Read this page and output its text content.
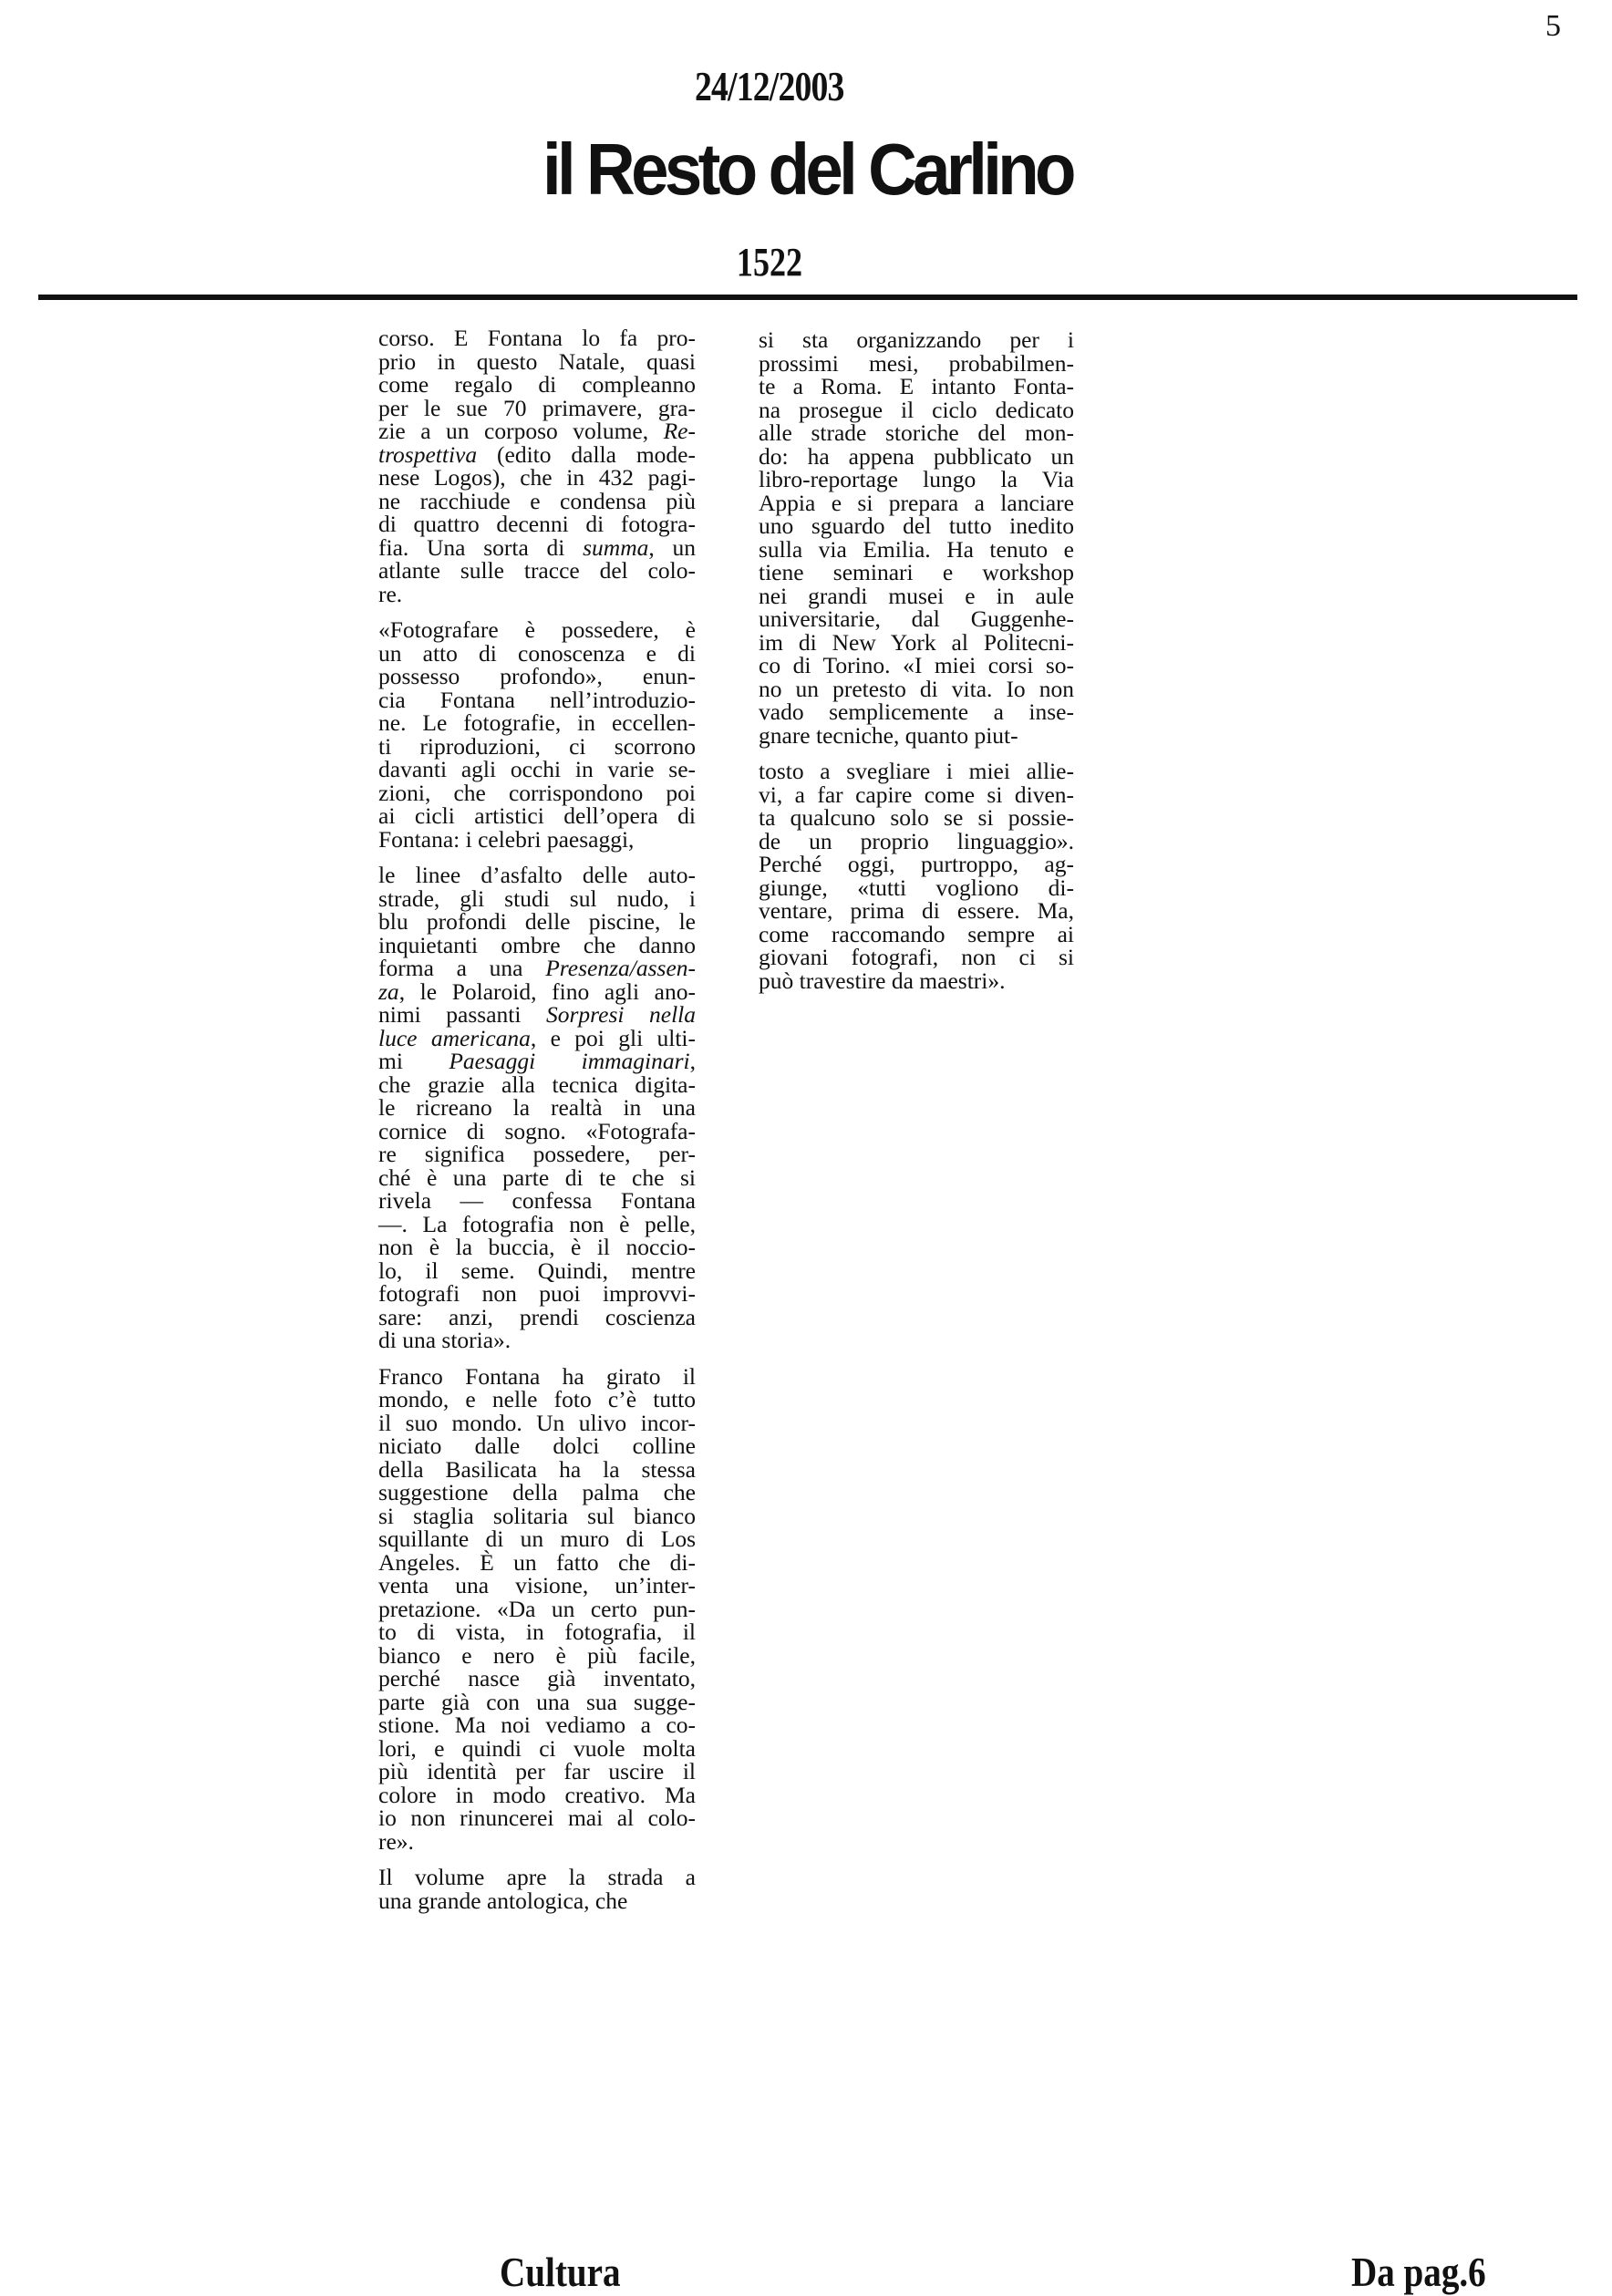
5
24/12/2003
il Resto del Carlino
1522

corso. E Fontana lo fa pro-
prio in questo Natale, quasi
come regalo di compleanno
per le sue 70 primavere, gra-
zie a un corposo volume, Re-
trospettiva (edito dalla mode-
nese Logos), che in 432 pagi-
ne racchiude e condensa più
di quattro decenni di fotogra-
fia. Una sorta di summa, un
atlante sulle tracce del colo-
re.

«Fotografare è possedere, è
un atto di conoscenza e di
possesso profondo», enun-
cia Fontana nell’introduzio-
ne. Le fotografie, in eccellen-
ti riproduzioni, ci scorrono
davanti agli occhi in varie se-
zioni, che corrispondono poi
ai cicli artistici dell’opera di
Fontana: i celebri paesaggi,

le linee d’asfalto delle auto-
strade, gli studi sul nudo, i
blu profondi delle piscine, le
inquietanti ombre che danno
forma a una Presenza/assen-
za, le Polaroid, fino agli ano-
nimi passanti Sorpresi nella
luce americana, e poi gli ulti-
mi Paesaggi immaginari,
che grazie alla tecnica digita-
le ricreano la realtà in una
cornice di sogno. «Fotografa-
re significa possedere, per-
ché è una parte di te che si
rivela — confessa Fontana
—. La fotografia non è pelle,
non è la buccia, è il nocciо-
lo, il seme. Quindi, mentre
fotografi non puoi improvvi-
sare: anzi, prendi coscienza
di una storia».

Franco Fontana ha girato il
mondo, e nelle foto c’è tutto
il suo mondo. Un ulivo incor-
niciato dalle dolci colline
della Basilicata ha la stessa
suggestione della palma che
si staglia solitaria sul bianco
squillante di un muro di Los
Angeles. È un fatto che di-
venta una visione, un’inter-
pretazione. «Da un certo pun-
to di vista, in fotografia, il
bianco e nero è più facile,
perché nasce già inventato,
parte già con una sua sugge-
stione. Ma noi vediamo a co-
lori, e quindi ci vuole molta
più identità per far uscire il
colore in modo creativo. Ma
io non rinuncerei mai al colo-
re».

Il volume apre la strada a
una grande antologica, che

si sta organizzando per i
prossimi mesi, probabilmen-
te a Roma. E intanto Fonta-
na prosegue il ciclo dedicato
alle strade storiche del mon-
do: ha appena pubblicato un
libro-reportage lungo la Via
Appia e si prepara a lanciare
uno sguardo del tutto inedito
sulla via Emilia. Ha tenuto e
tiene seminari e workshop
nei grandi musei e in aule
universitarie, dal Guggenhe-
im di New York al Politecni-
co di Torino. «I miei corsi so-
no un pretesto di vita. Io non
vado semplicemente a inse-
gnare tecniche, quanto piut-

tosto a svegliare i miei allie-
vi, a far capire come si diven-
ta qualcuno solo se si possie-
de un proprio linguaggio».
Perché oggi, purtroppo, ag-
giunge, «tutti vogliono di-
ventare, prima di essere. Ma,
come raccomando sempre ai
giovani fotografi, non ci si
può travestire da maestri».

Cultura	Da pag.6
